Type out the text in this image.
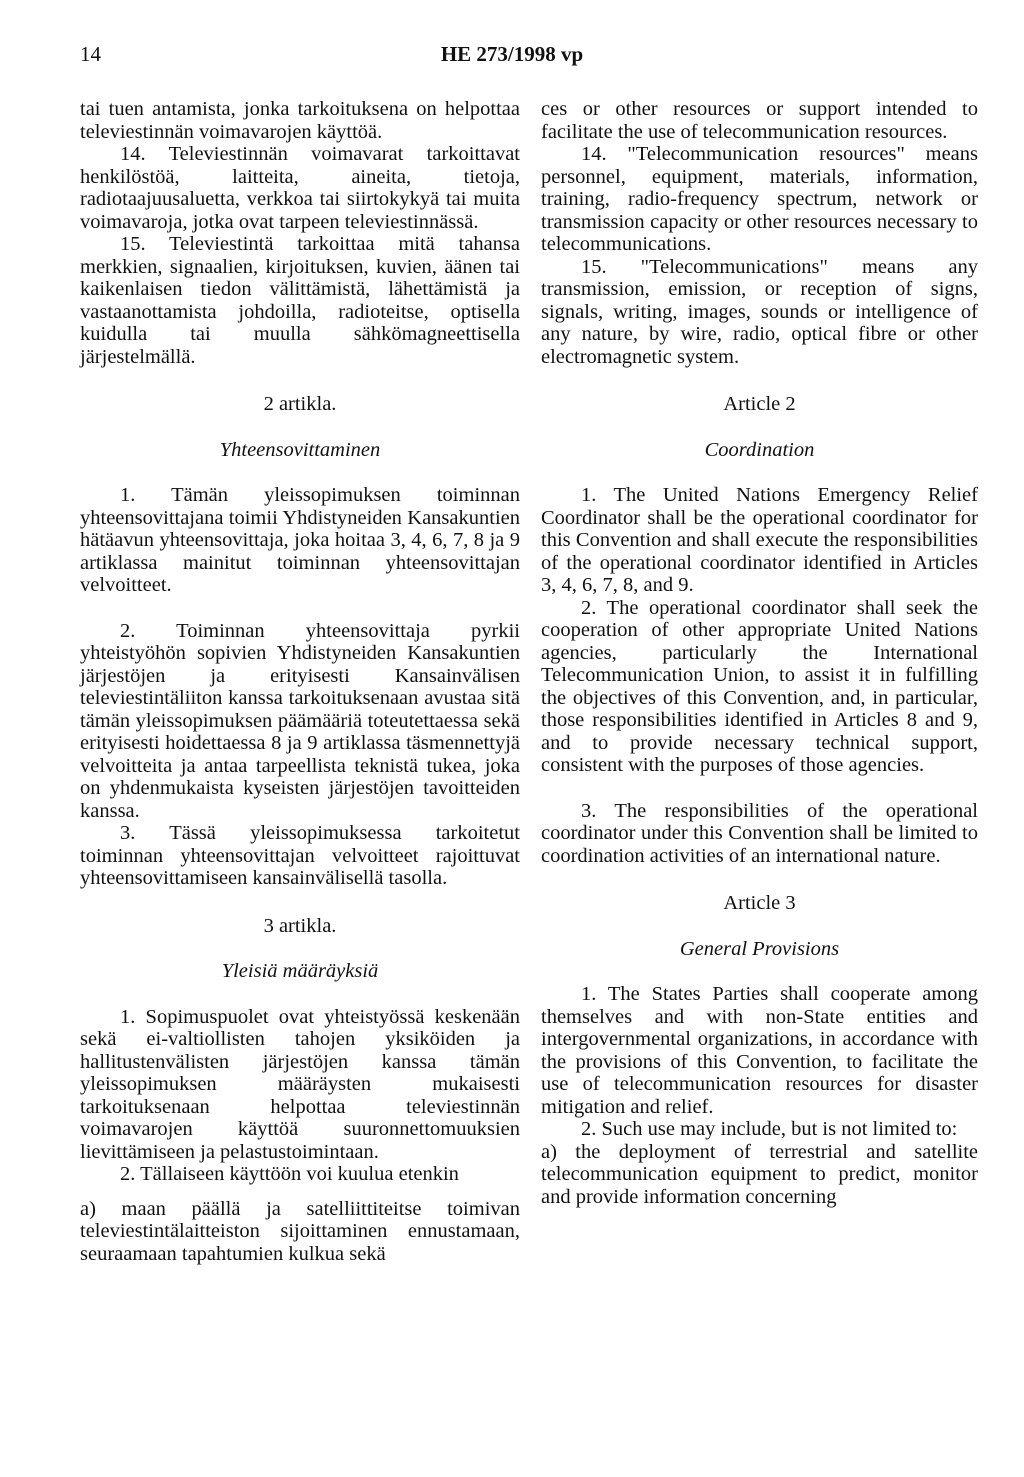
14	HE 273/1998 vp

tai tuen antamista, jonka tarkoituksena on helpottaa televiestinnän voimavarojen käyttöä.

14. Televiestinnän voimavarat tarkoittavat henkilöstöä, laitteita, aineita, tietoja, radiotaajuusaluetta, verkkoa tai siirtokykyä tai muita voimavaroja, jotka ovat tarpeen televiestinnässä.

15. Televiestintä tarkoittaa mitä tahansa merkkien, signaalien, kirjoituksen, kuvien, äänen tai kaikenlaisen tiedon välittämistä, lähettämistä ja vastaanottamista johdoilla, radioteitse, optisella kuidulla tai muulla sähkömagneettisella järjestelmällä.

2 artikla.

Yhteensovittaminen

1. Tämän yleissopimuksen toiminnan yhteensovittajana toimii Yhdistyneiden Kansakuntien hätäavun yhteensovittaja, joka hoitaa 3, 4, 6, 7, 8 ja 9 artiklassa mainitut toiminnan yhteensovittajan velvoitteet.

2. Toiminnan yhteensovittaja pyrkii yhteistyöhön sopivien Yhdistyneiden Kansakuntien järjestöjen ja erityisesti Kansainvälisen televiestintäliiton kanssa tarkoituksenaan avustaa sitä tämän yleissopimuksen päämääriä toteutettaessa sekä erityisesti hoidettaessa 8 ja 9 artiklassa täsmennettyjä velvoitteita ja antaa tarpeellista teknistä tukea, joka on yhdenmukaista kyseisten järjestöjen tavoitteiden kanssa.

3. Tässä yleissopimuksessa tarkoitetut toiminnan yhteensovittajan velvoitteet rajoittuvat yhteensovittamiseen kansainvälisellä tasolla.

3 artikla.

Yleisiä määräyksiä

1. Sopimuspuolet ovat yhteistyössä keskenään sekä ei-valtiollisten tahojen yksiköiden ja hallitustenvälisten järjestöjen kanssa tämän yleissopimuksen määräysten mukaisesti tarkoituksenaan helpottaa televiestinnän voimavarojen käyttöä suuronnettomuuksien lievittämiseen ja pelastustoimintaan.

2. Tällaiseen käyttöön voi kuulua etenkin

a) maan päällä ja satelliittiteitse toimivan televiestintälaitteiston sijoittaminen ennustamaan, seuraamaan tapahtumien kulkua sekä

ces or other resources or support intended to facilitate the use of telecommunication resources.

14. "Telecommunication resources" means personnel, equipment, materials, information, training, radio-frequency spectrum, network or transmission capacity or other resources necessary to telecommunications.

15. "Telecommunications" means any transmission, emission, or reception of signs, signals, writing, images, sounds or intelligence of any nature, by wire, radio, optical fibre or other electromagnetic system.

Article 2

Coordination

1. The United Nations Emergency Relief Coordinator shall be the operational coordinator for this Convention and shall execute the responsibilities of the operational coordinator identified in Articles 3, 4, 6, 7, 8, and 9.

2. The operational coordinator shall seek the cooperation of other appropriate United Nations agencies, particularly the International Telecommunication Union, to assist it in fulfilling the objectives of this Convention, and, in particular, those responsibilities identified in Articles 8 and 9, and to provide necessary technical support, consistent with the purposes of those agencies.

3. The responsibilities of the operational coordinator under this Convention shall be limited to coordination activities of an international nature.

Article 3

General Provisions

1. The States Parties shall cooperate among themselves and with non-State entities and intergovernmental organizations, in accordance with the provisions of this Convention, to facilitate the use of telecommunication resources for disaster mitigation and relief.

2. Such use may include, but is not limited to:

a) the deployment of terrestrial and satellite telecommunication equipment to predict, monitor and provide information concerning
